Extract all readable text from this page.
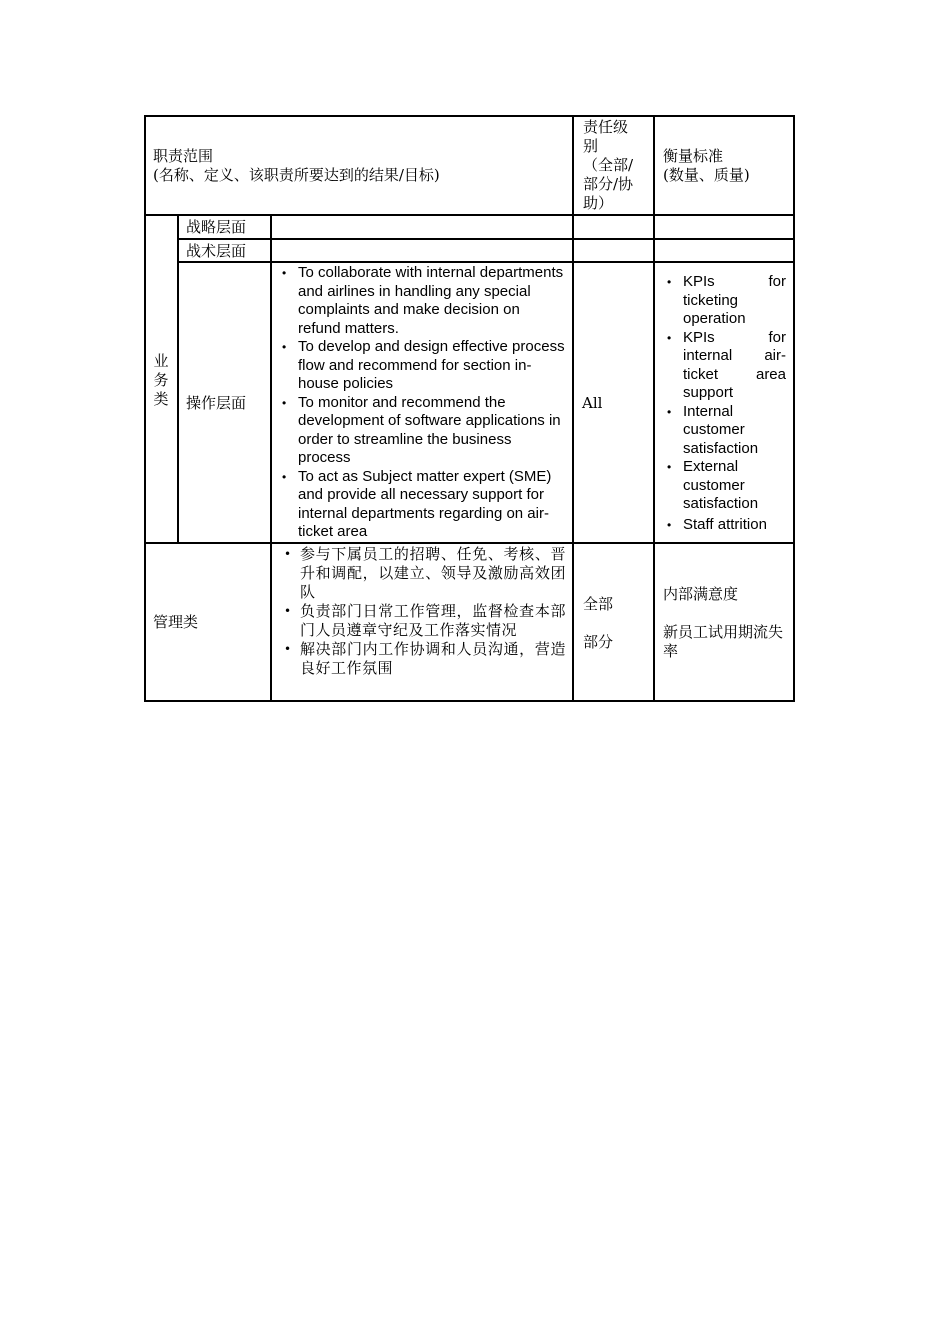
职责范围
(名称、定义、该职责所要达到的结果/目标)
责任级
别
（全部/
部分/协
助）
衡量标准
(数量、质量)
业
务
类
战略层面
战术层面
操作层面
• To collaborate with internal departments and airlines in handling any special complaints and make decision on refund matters.
• To develop and design effective process flow and recommend for section in-house policies
• To monitor and recommend the development of software applications in order to streamline the business process
• To act as Subject matter expert (SME) and provide all necessary support for internal departments regarding on air-ticket area
All
• KPIs for ticketing operation
• KPIs for internal air-ticket area support
• Internal customer satisfaction
• External customer satisfaction
• Staff attrition
管理类
• 参与下属员工的招聘、任免、考核、晋升和调配，以建立、领导及激励高效团队
• 负责部门日常工作管理，监督检查本部门人员遵章守纪及工作落实情况
• 解决部门内工作协调和人员沟通，营造良好工作氛围
全部
部分
内部满意度
新员工试用期流失率
